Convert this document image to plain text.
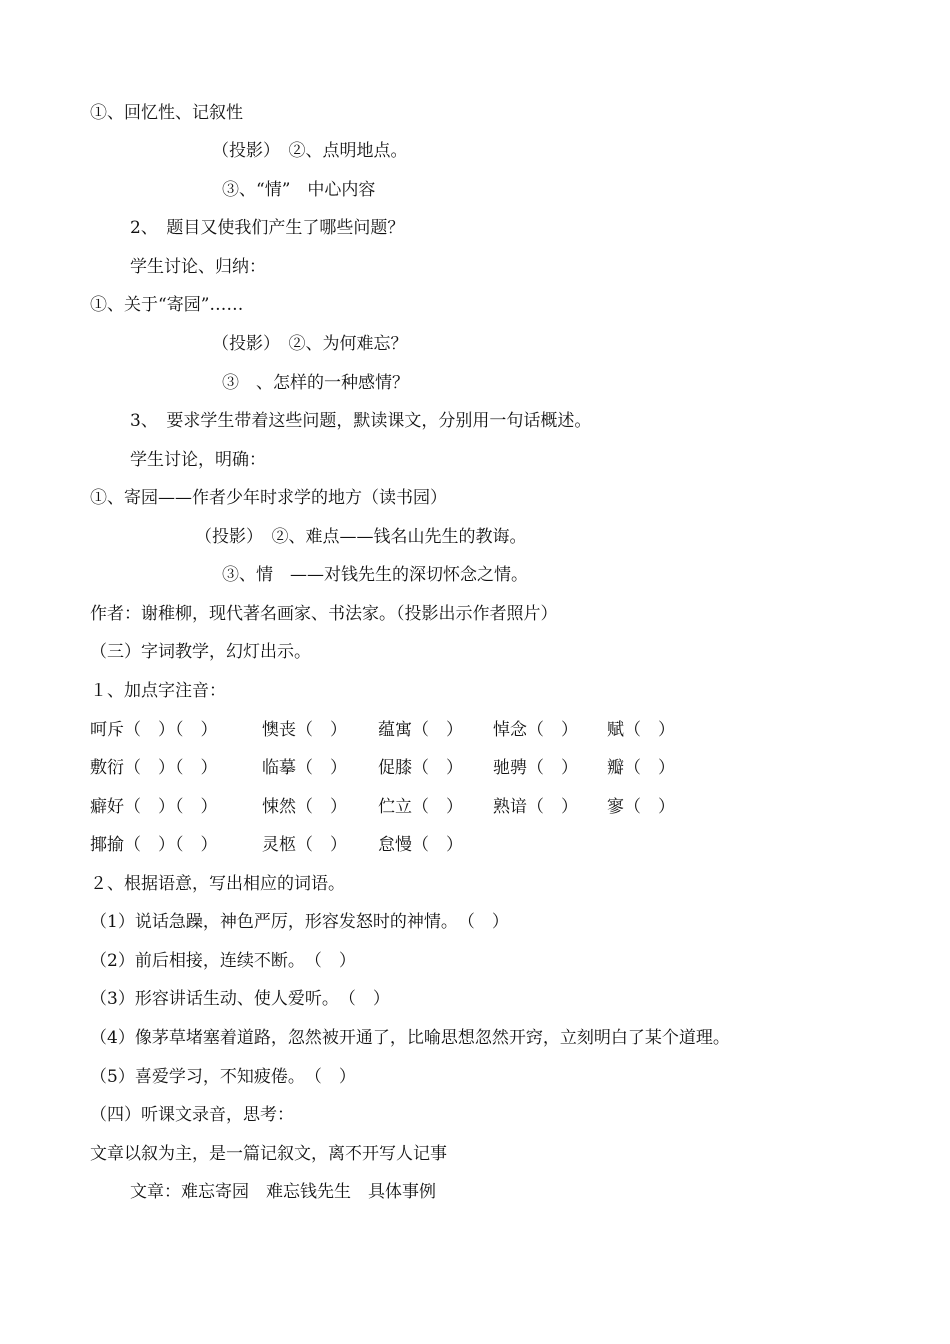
①、回忆性、记叙性
（投影）　②、点明地点。
③、“情”　中心内容
2、　题目又使我们产生了哪些问题？
学生讨论、归纳：
①、关于“寄园”……
（投影）　②、为何难忘？
③　、怎样的一种感情？
3、　要求学生带着这些问题，默读课文，分别用一句话概述。
学生讨论，明确：
①、寄园——作者少年时求学的地方（读书园）
（投影）　②、难点——钱名山先生的教诲。
③、情　——对钱先生的深切怀念之情。
作者：谢稚柳，现代著名画家、书法家。（投影出示作者照片）
（三）字词教学，幻灯出示。
１、加点字注音：
呵斥（　）（　）	懊丧（　） 蕴寓（　） 悼念（　） 赋（　）
敷衍（　）（　）	临摹（　） 促膝（　） 驰骋（　） 瓣（　）
癖好（　）（　）	悚然（　） 伫立（　） 熟谙（　） 寥（　）
揶揄（　）（　）	灵柩（　） 怠慢（　）
２、根据语意，写出相应的词语。
（1）说话急躁，神色严厉，形容发怒时的神情。　（　）
（2）前后相接，连续不断。　（　）
（3）形容讲话生动、使人爱听。　（　）
（4）像茅草堵塞着道路，忽然被开通了，比喻思想忽然开窍，立刻明白了某个道理。
（5）喜爱学习，不知疲倦。　（　）
（四）听课文录音，思考：
文章以叙为主，是一篇记叙文，离不开写人记事
文章：难忘寄园　难忘钱先生　具体事例
